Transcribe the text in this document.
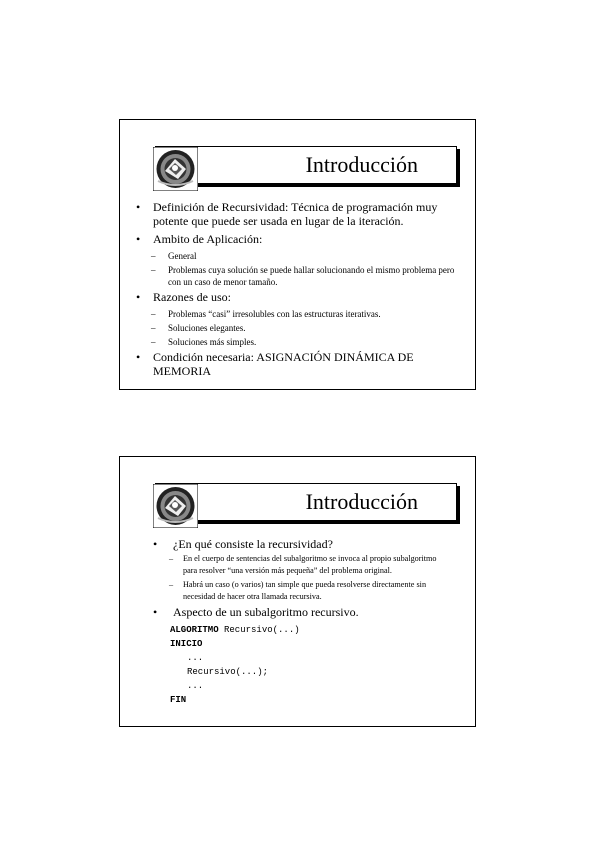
Introducción
• Definición de Recursividad: Técnica de programación muy potente que puede ser usada en lugar de la iteración.
• Ambito de Aplicación:
– General
– Problemas cuya solución se puede hallar solucionando el mismo problema pero con un caso de menor tamaño.
• Razones de uso:
– Problemas “casi” irresolubles con las estructuras iterativas.
– Soluciones elegantes.
– Soluciones más simples.
• Condición necesaria: ASIGNACIÓN DINÁMICA DE MEMORIA
Introducción
• ¿En qué consiste la recursividad?
– En el cuerpo de sentencias del subalgoritmo se invoca al propio subalgoritmo para resolver “una versión más pequeña” del problema original.
– Habrá un caso (o varios) tan simple que pueda resolverse directamente sin necesidad de hacer otra llamada recursiva.
• Aspecto de un subalgoritmo recursivo.
ALGORITMO Recursivo(...)
INICIO
...
Recursivo(...);
...
FIN
